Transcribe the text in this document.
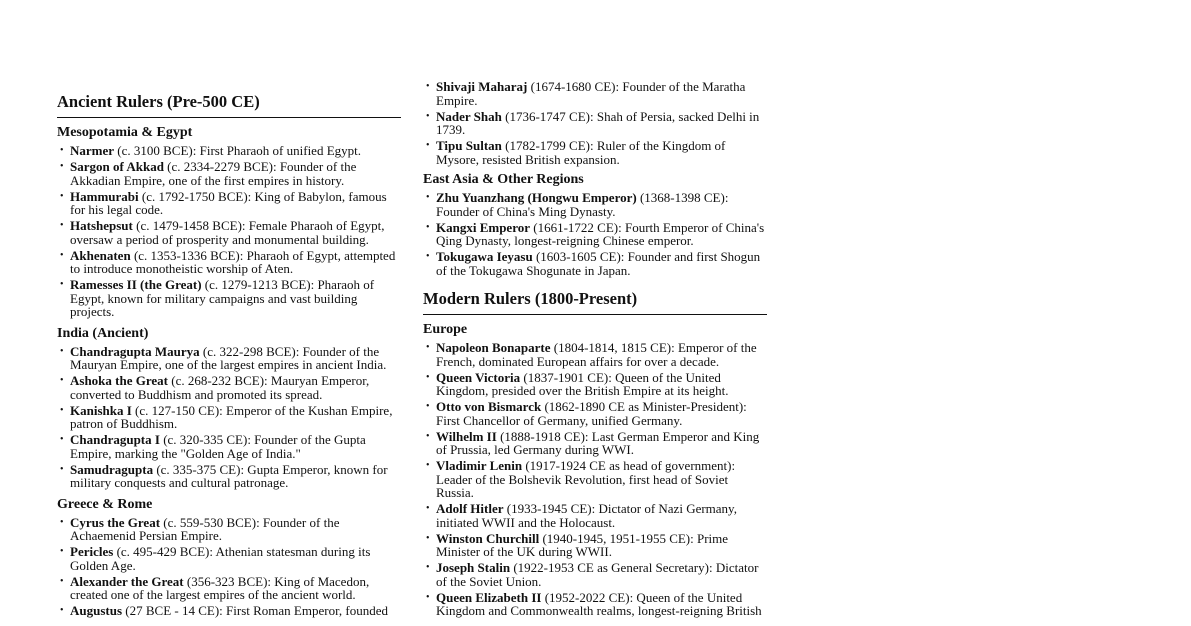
Ancient Rulers (Pre-500 CE)
Mesopotamia & Egypt
• Narmer (c. 3100 BCE): First Pharaoh of unified Egypt.
• Sargon of Akkad (c. 2334-2279 BCE): Founder of the Akkadian Empire, one of the first empires in history.
• Hammurabi (c. 1792-1750 BCE): King of Babylon, famous for his legal code.
• Hatshepsut (c. 1479-1458 BCE): Female Pharaoh of Egypt, oversaw a period of prosperity and monumental building.
• Akhenaten (c. 1353-1336 BCE): Pharaoh of Egypt, attempted to introduce monotheistic worship of Aten.
• Ramesses II (the Great) (c. 1279-1213 BCE): Pharaoh of Egypt, known for military campaigns and vast building projects.
India (Ancient)
• Chandragupta Maurya (c. 322-298 BCE): Founder of the Mauryan Empire, one of the largest empires in ancient India.
• Ashoka the Great (c. 268-232 BCE): Mauryan Emperor, converted to Buddhism and promoted its spread.
• Kanishka I (c. 127-150 CE): Emperor of the Kushan Empire, patron of Buddhism.
• Chandragupta I (c. 320-335 CE): Founder of the Gupta Empire, marking the "Golden Age of India."
• Samudragupta (c. 335-375 CE): Gupta Emperor, known for military conquests and cultural patronage.
Greece & Rome
• Cyrus the Great (c. 559-530 BCE): Founder of the Achaemenid Persian Empire.
• Pericles (c. 495-429 BCE): Athenian statesman during its Golden Age.
• Alexander the Great (356-323 BCE): King of Macedon, created one of the largest empires of the ancient world.
• Augustus (27 BCE - 14 CE): First Roman Emperor, founded
• Shivaji Maharaj (1674-1680 CE): Founder of the Maratha Empire.
• Nader Shah (1736-1747 CE): Shah of Persia, sacked Delhi in 1739.
• Tipu Sultan (1782-1799 CE): Ruler of the Kingdom of Mysore, resisted British expansion.
East Asia & Other Regions
• Zhu Yuanzhang (Hongwu Emperor) (1368-1398 CE): Founder of China's Ming Dynasty.
• Kangxi Emperor (1661-1722 CE): Fourth Emperor of China's Qing Dynasty, longest-reigning Chinese emperor.
• Tokugawa Ieyasu (1603-1605 CE): Founder and first Shogun of the Tokugawa Shogunate in Japan.
Modern Rulers (1800-Present)
Europe
• Napoleon Bonaparte (1804-1814, 1815 CE): Emperor of the French, dominated European affairs for over a decade.
• Queen Victoria (1837-1901 CE): Queen of the United Kingdom, presided over the British Empire at its height.
• Otto von Bismarck (1862-1890 CE as Minister-President): First Chancellor of Germany, unified Germany.
• Wilhelm II (1888-1918 CE): Last German Emperor and King of Prussia, led Germany during WWI.
• Vladimir Lenin (1917-1924 CE as head of government): Leader of the Bolshevik Revolution, first head of Soviet Russia.
• Adolf Hitler (1933-1945 CE): Dictator of Nazi Germany, initiated WWII and the Holocaust.
• Winston Churchill (1940-1945, 1951-1955 CE): Prime Minister of the UK during WWII.
• Joseph Stalin (1922-1953 CE as General Secretary): Dictator of the Soviet Union.
• Queen Elizabeth II (1952-2022 CE): Queen of the United Kingdom and Commonwealth realms, longest-reigning British
